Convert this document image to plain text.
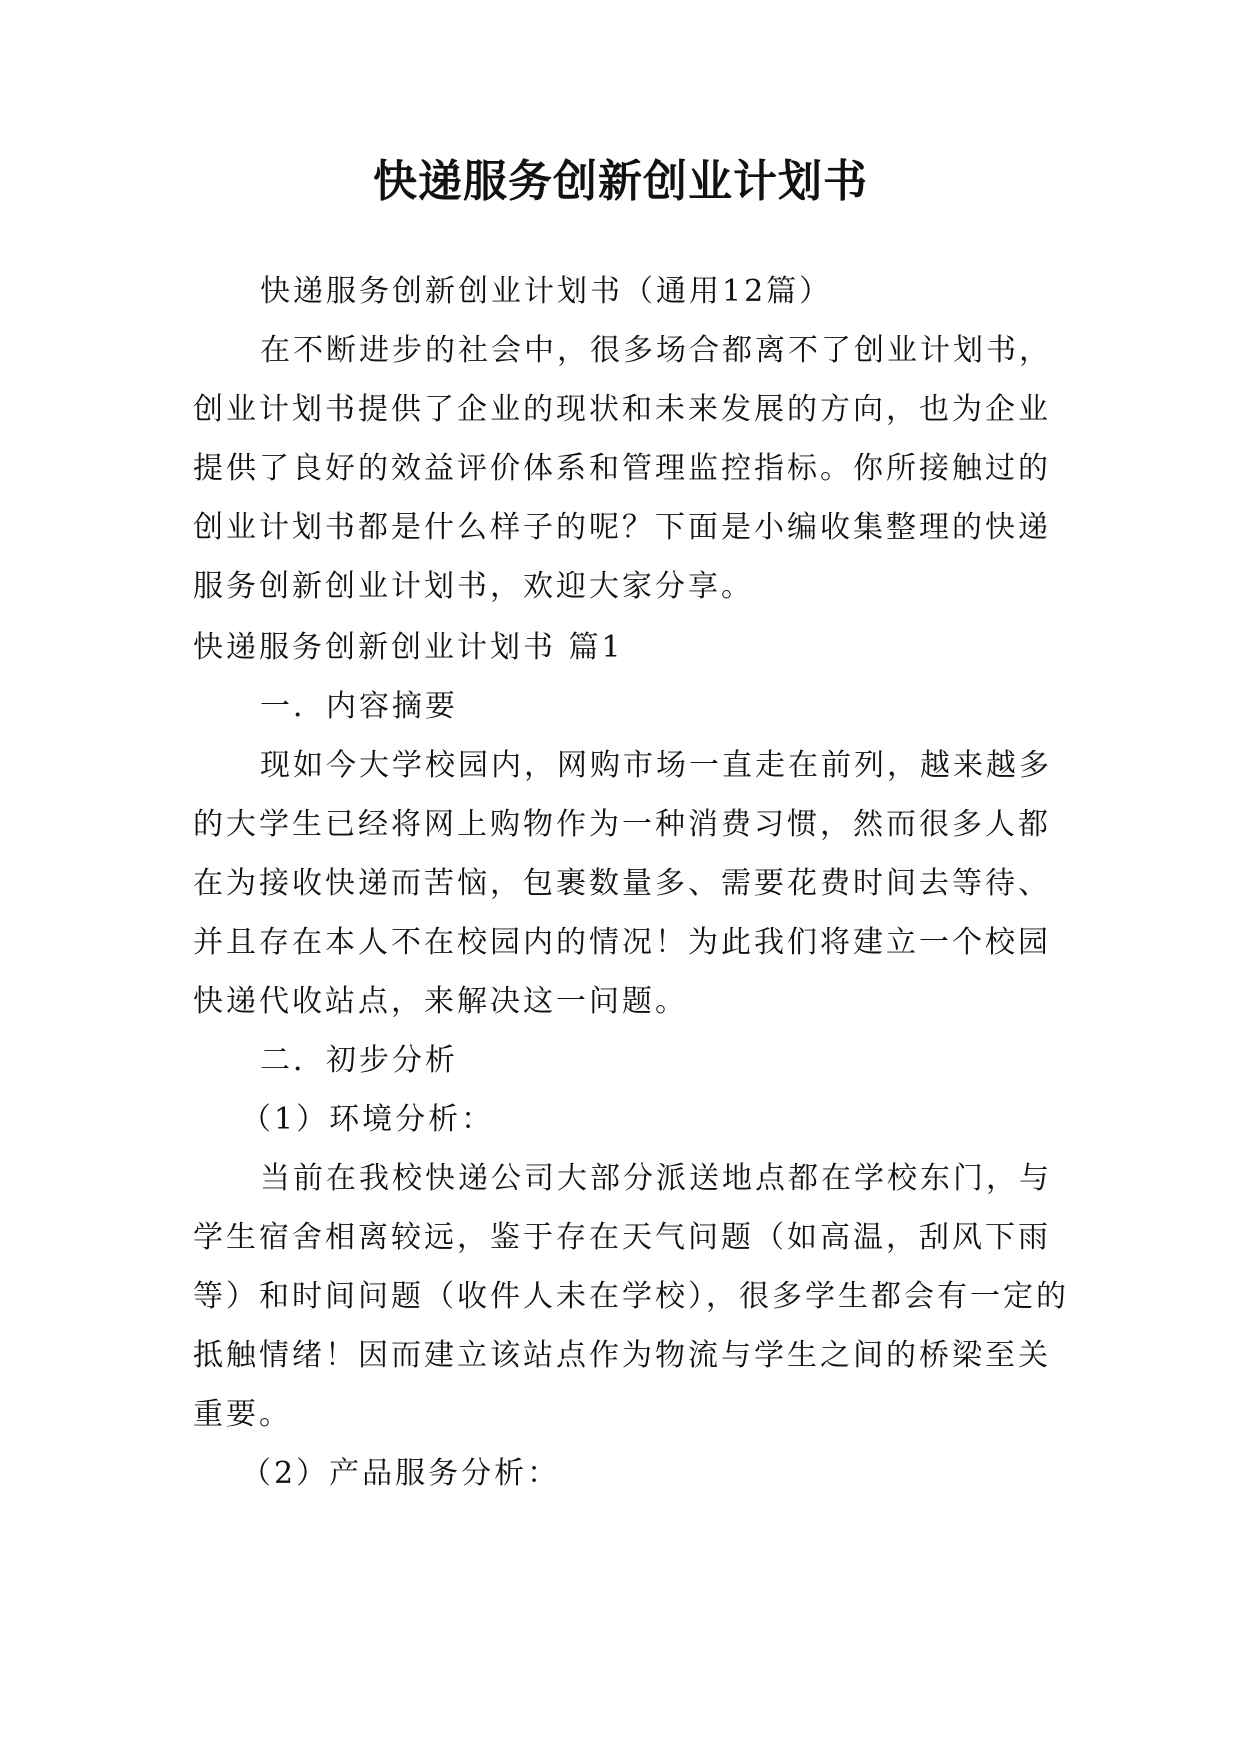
快递服务创新创业计划书

快递服务创新创业计划书（通用12篇）

在不断进步的社会中，很多场合都离不了创业计划书，创业计划书提供了企业的现状和未来发展的方向，也为企业提供了良好的效益评价体系和管理监控指标。你所接触过的创业计划书都是什么样子的呢？下面是小编收集整理的快递服务创新创业计划书，欢迎大家分享。

快递服务创新创业计划书 篇1

一．内容摘要

现如今大学校园内，网购市场一直走在前列，越来越多的大学生已经将网上购物作为一种消费习惯，然而很多人都在为接收快递而苦恼，包裹数量多、需要花费时间去等待、并且存在本人不在校园内的情况！为此我们将建立一个校园快递代收站点，来解决这一问题。

二．初步分析

（1）环境分析：

当前在我校快递公司大部分派送地点都在学校东门，与学生宿舍相离较远，鉴于存在天气问题（如高温，刮风下雨等）和时间问题（收件人未在学校），很多学生都会有一定的抵触情绪！因而建立该站点作为物流与学生之间的桥梁至关重要。

（2）产品服务分析：
